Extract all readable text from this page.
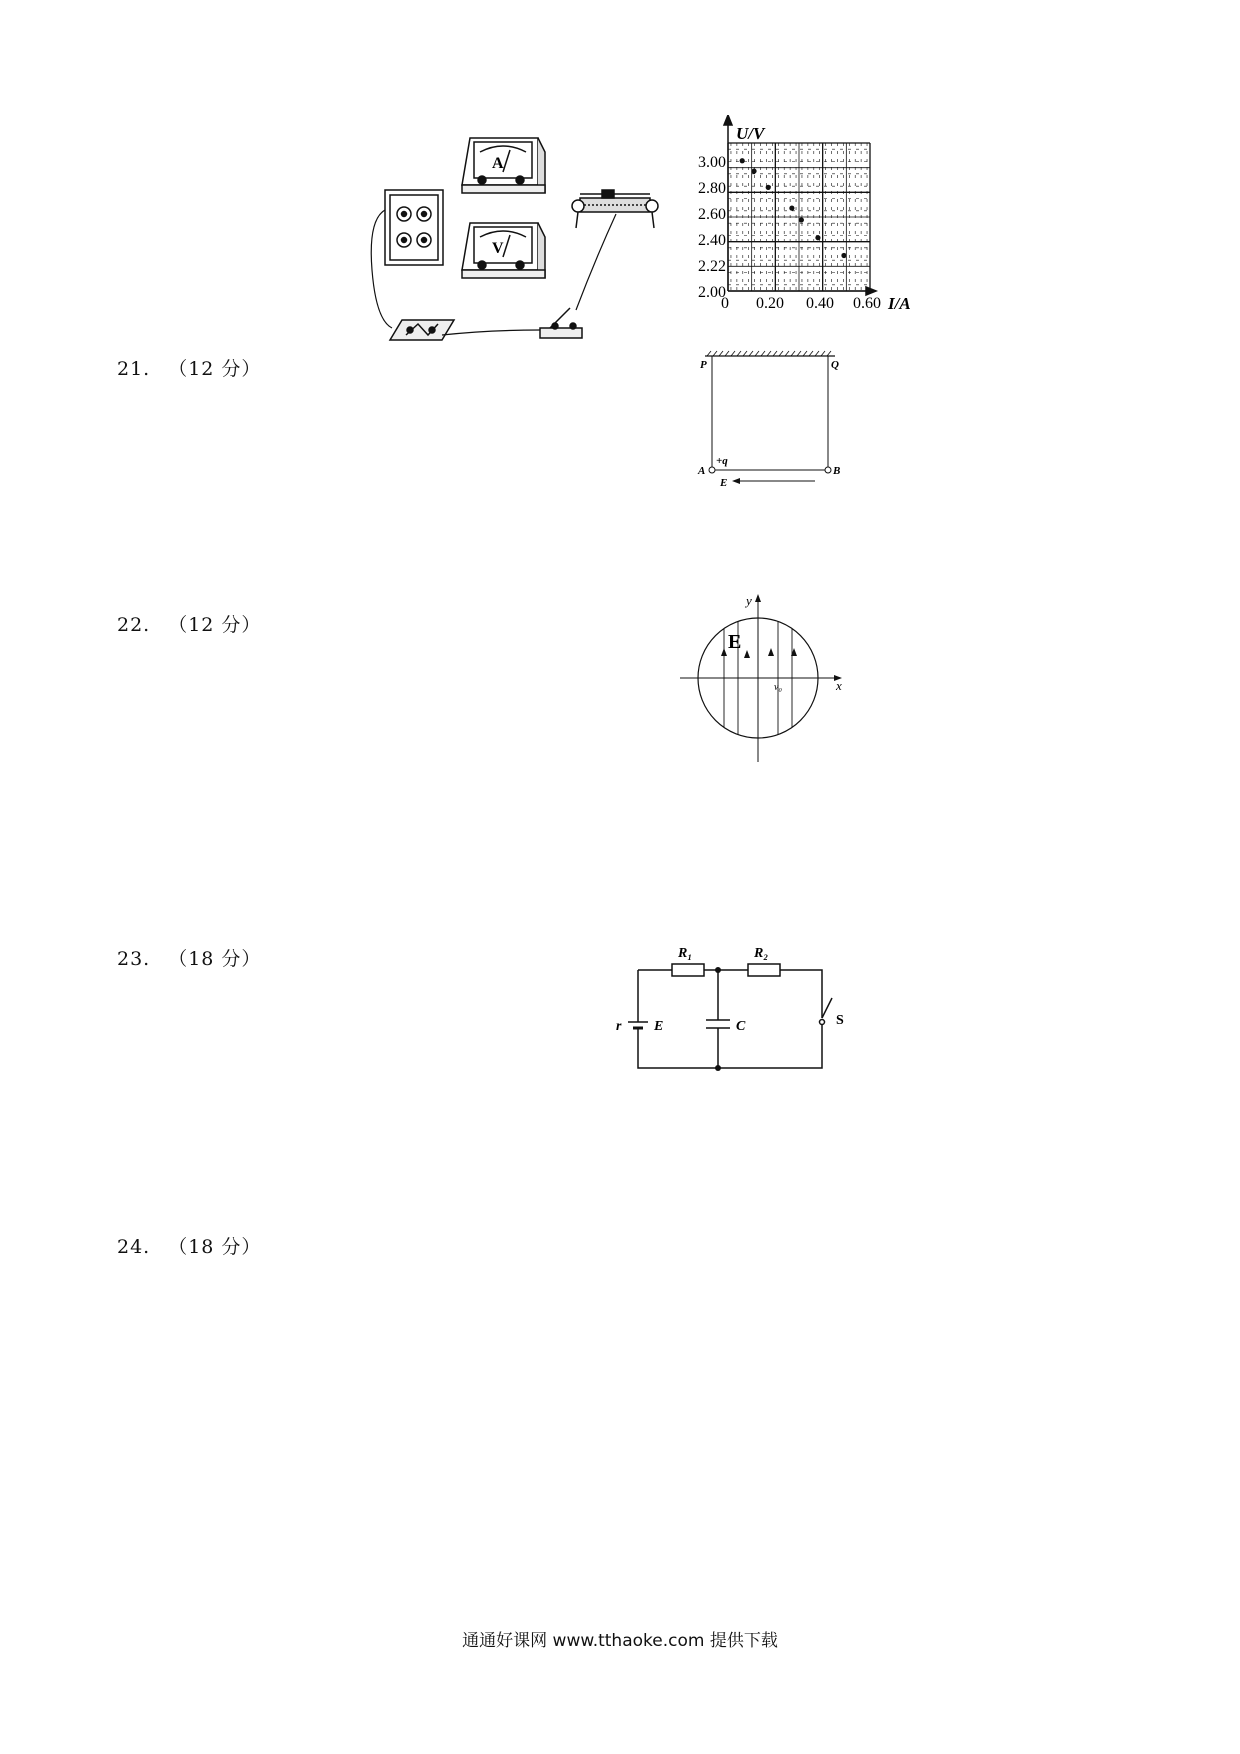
21. （12 分）
22. （12 分）
23. （18 分）
24. （18 分）
A
V
U/V
I/A
3.00
2.80
2.60
2.40
2.22
2.00
0 0.20 0.40 0.60
P	Q
A	B
+q
E
E
y
x
v₀
R₁	R₂
r E	C	S
通通好课网 www.tthaoke.com 提供下载
